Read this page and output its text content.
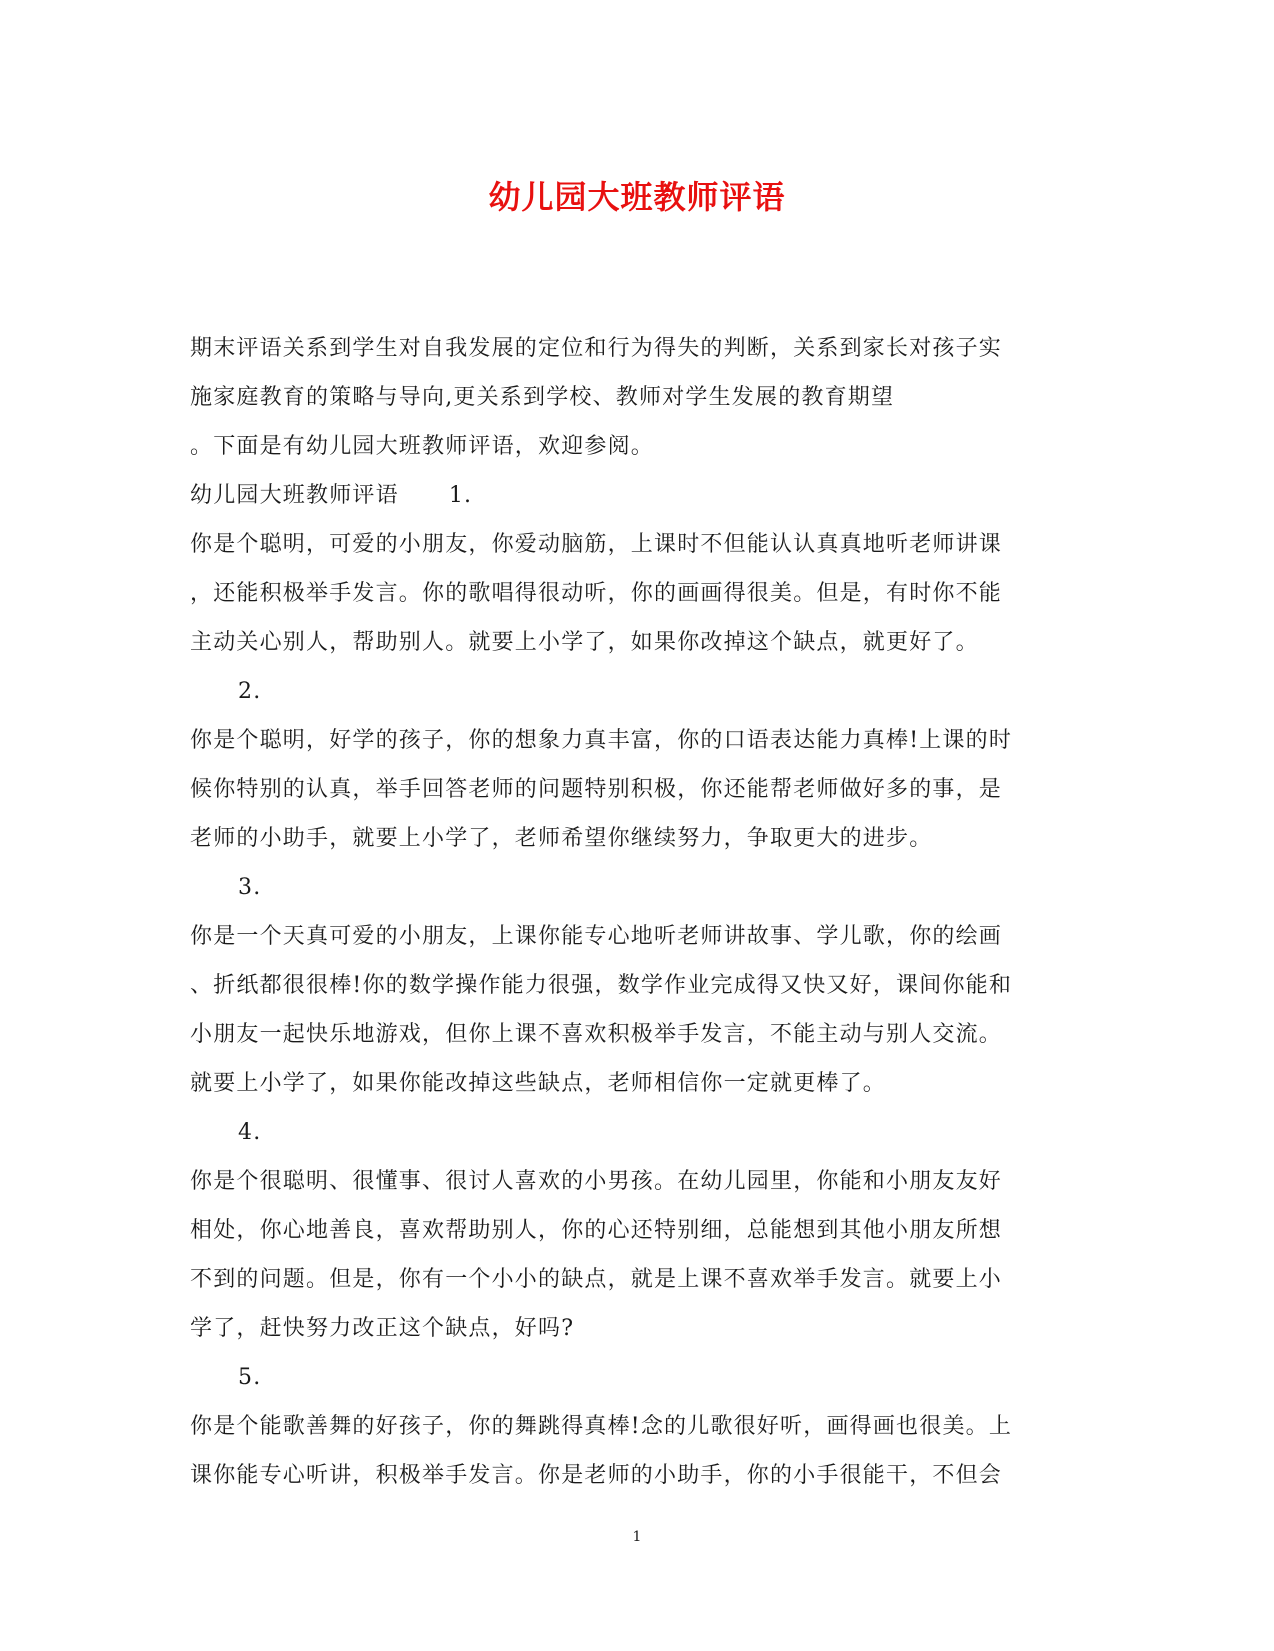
幼儿园大班教师评语
期末评语关系到学生对自我发展的定位和行为得失的判断，关系到家长对孩子实
施家庭教育的策略与导向,更关系到学校、教师对学生发展的教育期望
。下面是有幼儿园大班教师评语，欢迎参阅。
幼儿园大班教师评语 1.
你是个聪明，可爱的小朋友，你爱动脑筋，上课时不但能认认真真地听老师讲课
，还能积极举手发言。你的歌唱得很动听，你的画画得很美。但是，有时你不能
主动关心别人，帮助别人。就要上小学了，如果你改掉这个缺点，就更好了。
2.
你是个聪明，好学的孩子，你的想象力真丰富，你的口语表达能力真棒!上课的时
候你特别的认真，举手回答老师的问题特别积极，你还能帮老师做好多的事，是
老师的小助手，就要上小学了，老师希望你继续努力，争取更大的进步。
3.
你是一个天真可爱的小朋友，上课你能专心地听老师讲故事、学儿歌，你的绘画
、折纸都很很棒!你的数学操作能力很强，数学作业完成得又快又好，课间你能和
小朋友一起快乐地游戏，但你上课不喜欢积极举手发言，不能主动与别人交流。
就要上小学了，如果你能改掉这些缺点，老师相信你一定就更棒了。
4.
你是个很聪明、很懂事、很讨人喜欢的小男孩。在幼儿园里，你能和小朋友友好
相处，你心地善良，喜欢帮助别人，你的心还特别细，总能想到其他小朋友所想
不到的问题。但是，你有一个小小的缺点，就是上课不喜欢举手发言。就要上小
学了，赶快努力改正这个缺点，好吗?
5.
你是个能歌善舞的好孩子，你的舞跳得真棒!念的儿歌很好听，画得画也很美。上
课你能专心听讲，积极举手发言。你是老师的小助手，你的小手很能干，不但会
1
